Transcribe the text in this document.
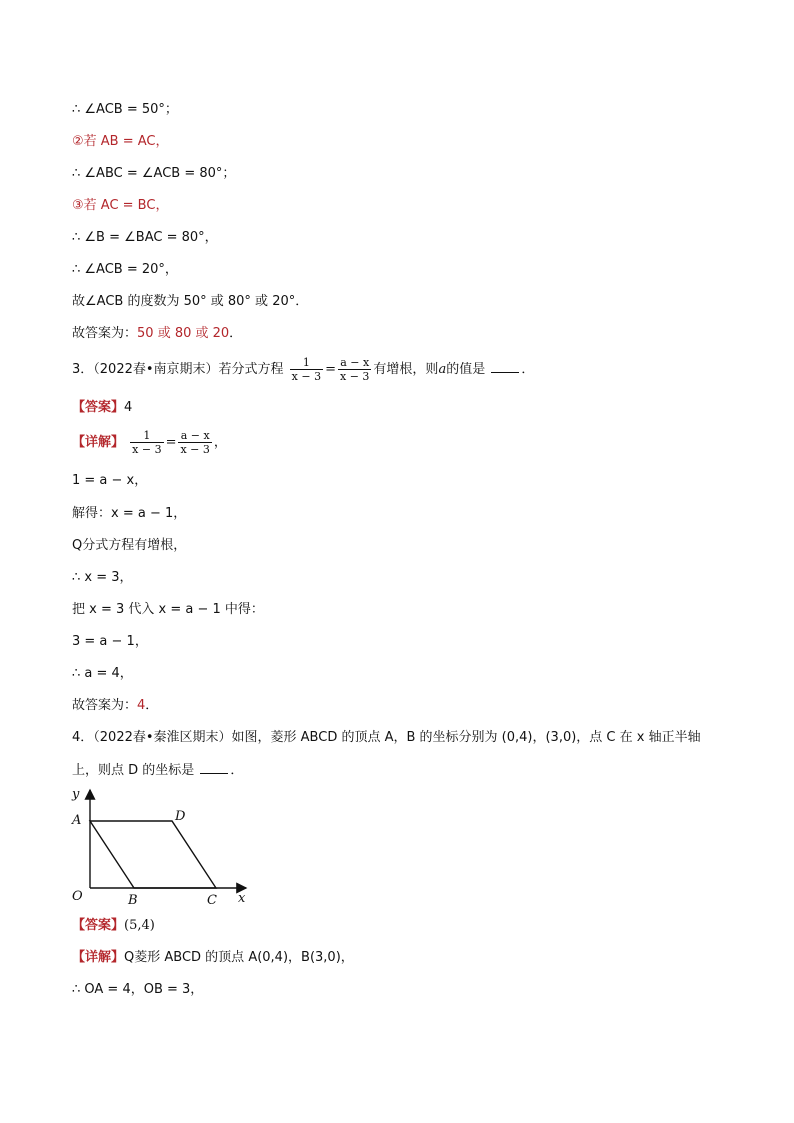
∴ ∠ACB = 50°；
②若 AB = AC，
∴ ∠ABC = ∠ACB = 80°；
③若 AC = BC，
∴ ∠B = ∠BAC = 80°，
∴ ∠ACB = 20°，
故∠ACB 的度数为 50° 或 80° 或 20°．
故答案为：50 或 80 或 20．
3．（2022春•南京期末）若分式方程 $\frac{1}{x - 3} = \frac{a - x}{x - 3}$ 有增根，则a的值是	．
【答案】4
【详解】 $\frac{1}{x - 3} = \frac{a - x}{x - 3}$ ，
1 = a − x，
解得：x = a − 1，
Q分式方程有增根，
∴ x = 3，
把 x = 3 代入 x = a − 1 中得：
3 = a − 1，
∴ a = 4，
故答案为：4．
4．（2022春•秦淮区期末）如图，菱形 ABCD 的顶点 A，B 的坐标分别为 (0,4)，(3,0)，点 C 在 x 轴正半轴
上，则点 D 的坐标是	．
y
x
O
A
B	C
D
【答案】(5,4)
【详解】Q菱形 ABCD 的顶点 A(0,4)，B(3,0)，
∴ OA = 4，OB = 3，
